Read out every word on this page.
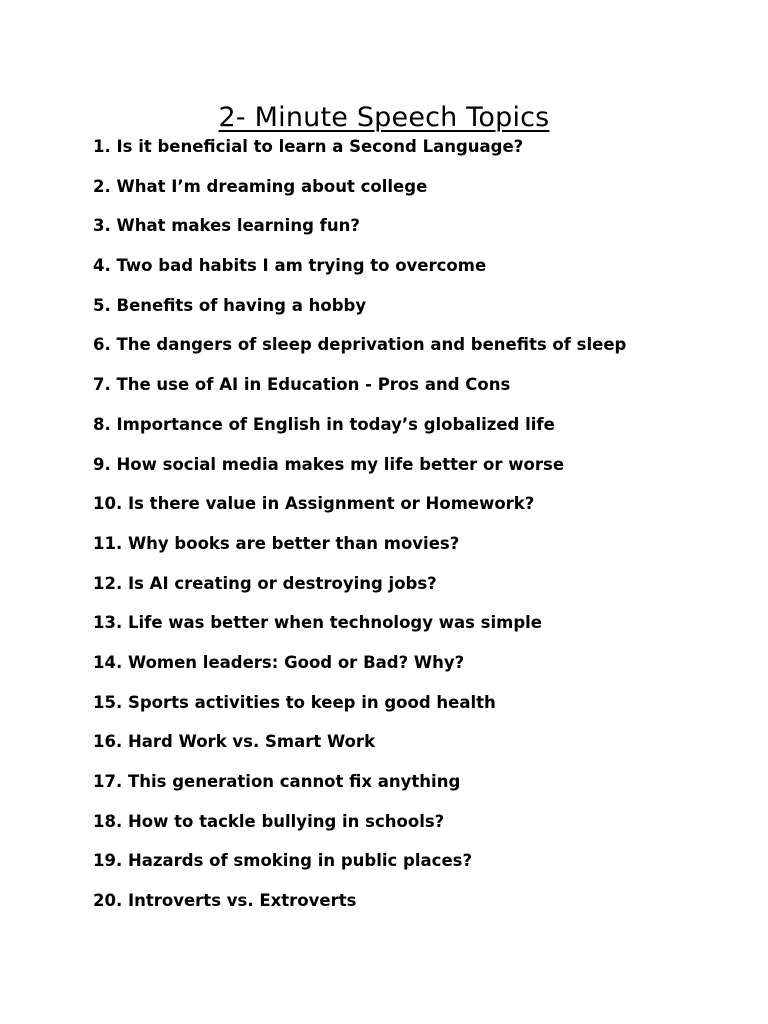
2- Minute Speech Topics
1. Is it beneficial to learn a Second Language?
2. What I’m dreaming about college
3. What makes learning fun?
4. Two bad habits I am trying to overcome
5. Benefits of having a hobby
6. The dangers of sleep deprivation and benefits of sleep
7. The use of AI in Education - Pros and Cons
8. Importance of English in today’s globalized life
9. How social media makes my life better or worse
10. Is there value in Assignment or Homework?
11. Why books are better than movies?
12. Is AI creating or destroying jobs?
13. Life was better when technology was simple
14. Women leaders: Good or Bad? Why?
15. Sports activities to keep in good health
16. Hard Work vs. Smart Work
17. This generation cannot fix anything
18. How to tackle bullying in schools?
19. Hazards of smoking in public places?
20. Introverts vs. Extroverts
